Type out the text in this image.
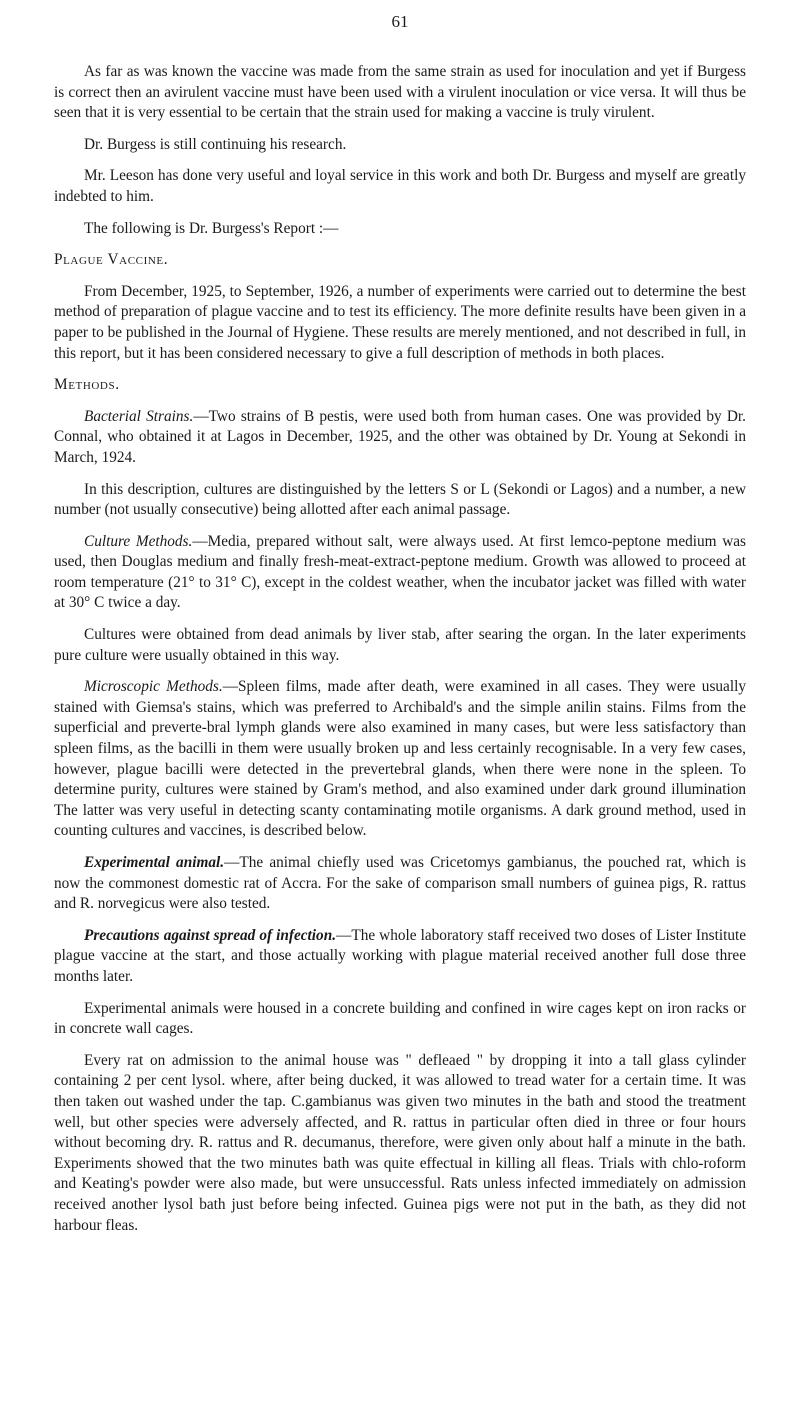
61

As far as was known the vaccine was made from the same strain as used for inoculation and yet if Burgess is correct then an avirulent vaccine must have been used with a virulent inoculation or vice versa. It will thus be seen that it is very essential to be certain that the strain used for making a vaccine is truly virulent.

Dr. Burgess is still continuing his research.

Mr. Leeson has done very useful and loyal service in this work and both Dr. Burgess and myself are greatly indebted to him.

The following is Dr. Burgess's Report :—

Plague Vaccine.

From December, 1925, to September, 1926, a number of experiments were carried out to determine the best method of preparation of plague vaccine and to test its efficiency. The more definite results have been given in a paper to be published in the Journal of Hygiene. These results are merely mentioned, and not described in full, in this report, but it has been considered necessary to give a full description of methods in both places.

Methods.

Bacterial Strains.—Two strains of B pestis, were used both from human cases. One was provided by Dr. Connal, who obtained it at Lagos in December, 1925, and the other was obtained by Dr. Young at Sekondi in March, 1924.

In this description, cultures are distinguished by the letters S or L (Sekondi or Lagos) and a number, a new number (not usually consecutive) being allotted after each animal passage.

Culture Methods.—Media, prepared without salt, were always used. At first lemco-peptone medium was used, then Douglas medium and finally fresh-meat-extract-peptone medium. Growth was allowed to proceed at room temperature (21° to 31° C), except in the coldest weather, when the incubator jacket was filled with water at 30° C twice a day.

Cultures were obtained from dead animals by liver stab, after searing the organ. In the later experiments pure culture were usually obtained in this way.

Microscopic Methods.—Spleen films, made after death, were examined in all cases. They were usually stained with Giemsa's stains, which was preferred to Archibald's and the simple anilin stains. Films from the superficial and preverte-bral lymph glands were also examined in many cases, but were less satisfactory than spleen films, as the bacilli in them were usually broken up and less certainly recognisable. In a very few cases, however, plague bacilli were detected in the prevertebral glands, when there were none in the spleen. To determine purity, cultures were stained by Gram's method, and also examined under dark ground illumination The latter was very useful in detecting scanty contaminating motile organisms. A dark ground method, used in counting cultures and vaccines, is described below.

Experimental animal.—The animal chiefly used was Cricetomys gambianus, the pouched rat, which is now the commonest domestic rat of Accra. For the sake of comparison small numbers of guinea pigs, R. rattus and R. norvegicus were also tested.

Precautions against spread of infection.—The whole laboratory staff received two doses of Lister Institute plague vaccine at the start, and those actually working with plague material received another full dose three months later.

Experimental animals were housed in a concrete building and confined in wire cages kept on iron racks or in concrete wall cages.

Every rat on admission to the animal house was " defleaed " by dropping it into a tall glass cylinder containing 2 per cent lysol. where, after being ducked, it was allowed to tread water for a certain time. It was then taken out washed under the tap. C.gambianus was given two minutes in the bath and stood the treatment well, but other species were adversely affected, and R. rattus in particular often died in three or four hours without becoming dry. R. rattus and R. decumanus, therefore, were given only about half a minute in the bath. Experiments showed that the two minutes bath was quite effectual in killing all fleas. Trials with chlo-roform and Keating's powder were also made, but were unsuccessful. Rats unless infected immediately on admission received another lysol bath just before being infected. Guinea pigs were not put in the bath, as they did not harbour fleas.
